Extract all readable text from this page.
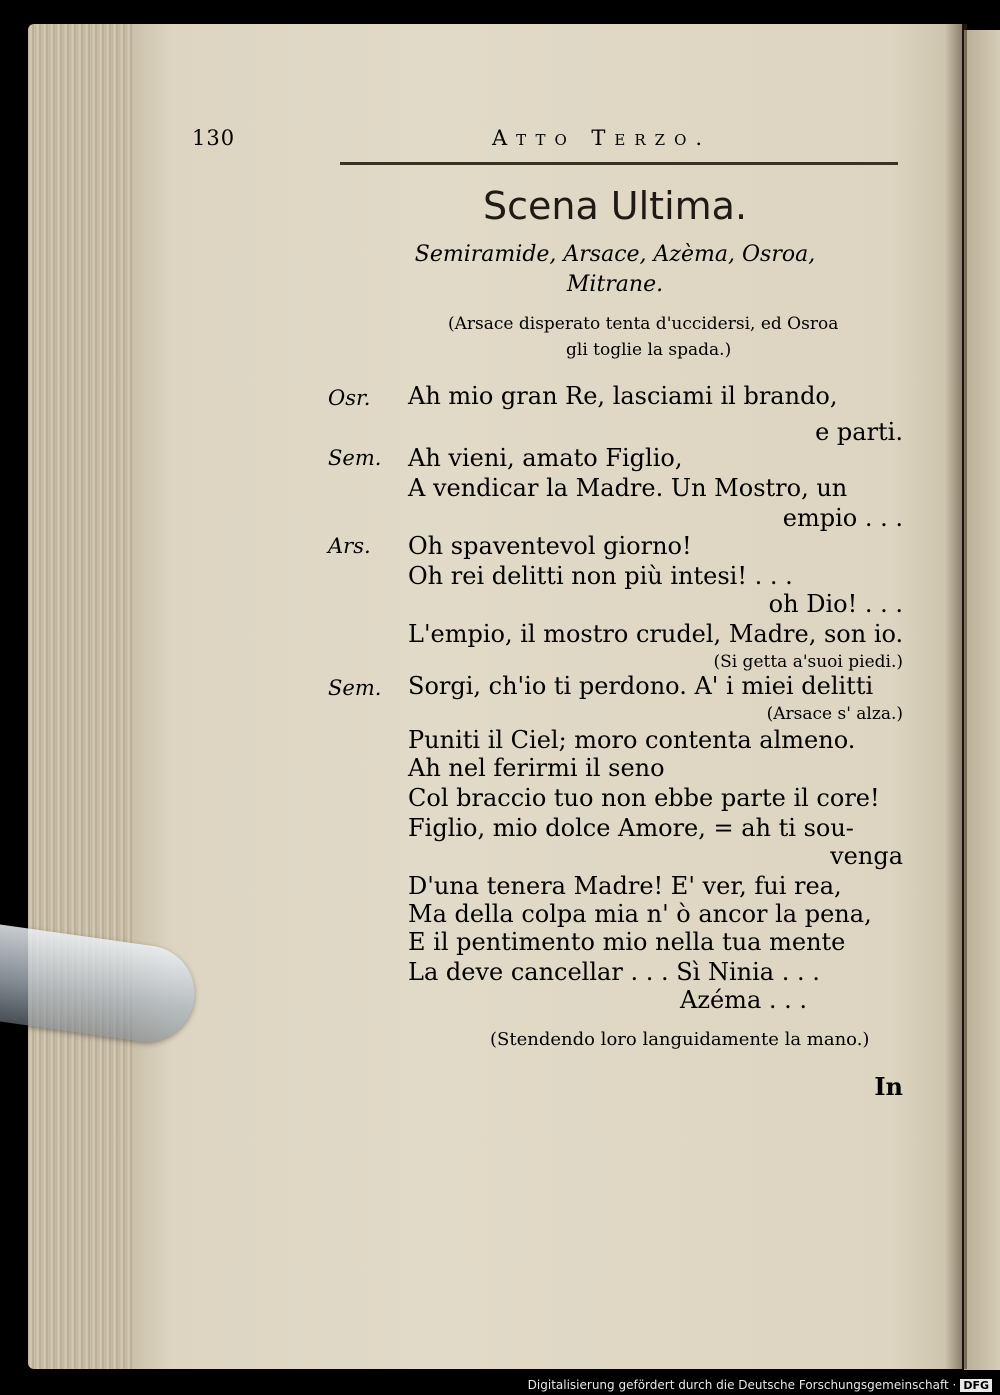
130	Atto Terzo.
Scena Ultima.
Semiramide, Arsace, Azèma, Osroa,
Mitrane.
(Arsace disperato tenta d'uccidersi, ed Osroa
gli toglie la spada.)
Osr. Ah mio gran Re, lasciami il brando,
e parti.
Sem. Ah vieni, amato Figlio,
A vendicar la Madre. Un Mostro, un
empio . . .
Ars. Oh spaventevol giorno!
Oh rei delitti non più intesi! . . .
oh Dio! . . .
L'empio, il mostro crudel, Madre, son io.
(Si getta a'suoi piedi.)
Sem. Sorgi, ch'io ti perdono. A' i miei delitti
(Arsace s' alza.)
Puniti il Ciel; moro contenta almeno.
Ah nel ferirmi il seno
Col braccio tuo non ebbe parte il core!
Figlio, mio dolce Amore, = ah ti sou-
venga
D'una tenera Madre! E' ver, fui rea,
Ma della colpa mia n' ò ancor la pena,
E il pentimento mio nella tua mente
La deve cancellar . . . Sì Ninia . . .
Azéma . . .
(Stendendo loro languidamente la mano.)
In
Digitalisierung gefördert durch die Deutsche Forschungsgemeinschaft · DFG
